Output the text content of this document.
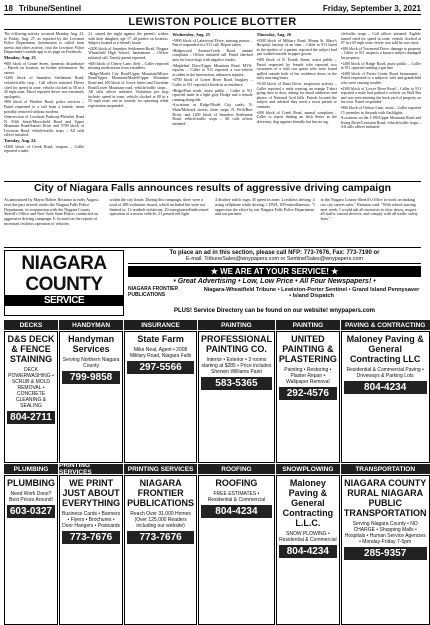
18 Tribune/Sentinel	Friday, September 3, 2021
LEWISTON POLICE BLOTTER

The following activity occurred Monday, Aug. 23, to Friday, Aug. 27, as reported by the Lewiston Police Department. Information is culled from arrests and other activity, visit the Lewiston Police Department's mobile app or its page on Facebook.

Monday, Aug. 23

•800 block of Center Street, domestic disturbance – Patrols on location, no further information. No arrests.

•2200 block of Saunders Settlement Road, vehicle/traffic stop – Call officer initiated. Driver cited for speed in zone, vehicle clocked at 58 in a 45 mph zone. Patrol reported driver was extremely apologetic.

•800 block of Pletcher Road, police services – Patrol requested to a call from a female; items possibly removed without incident.

•Intersection of Lewiston Parkway/Plettcher Road N. Fifth Street/Moorsfield Road and Upper Mountain Road/Sunset Drive and 5700 block of Lewiston Road, vehicle/traffic stops – All calls officer initiated.

Tuesday, Aug. 24

•4300 block of Creek Road, trespass – Caller reported a male,

21, stayed the night against the parent's wishes with their daughter, age 17, all parties on location. Subject located at a friend's house.

•2200 block of Saunders Settlement Road, Niagara Wheatfield High School, harassment – Officer initiated call. Unruly parent reported.

•400 block of Cherry Lane, theft – Caller reported missing medications from a mailbox.

•Ridge/Model City Road/Upper Mountain/Moyer Road/Upper Mountain/Model/Upper Mountain Road and 100 block of Grove Street and Townline Road/Lower Mountain road, vehicle/traffic stops – All calls officer initiated. Violations per stop include: speed in zone, vehicle clocked at 80 in a 55 mph zone; one in custody for operating while registration suspended.

Wednesday, Aug. 25

•5900 block of Lakewood Drive, missing person – Patrol responded to a 911 call. Report taken.

•Ridgewood Avenue/Creek Road, animal complaint – Officer initiated call. Patrol checked area for loose dogs with negative results.

•Mapleleaf Drive/Upper Mountain Road, MVA-injuries – Caller to 911 reported a two-vehicle accident in the intersection, unknown injuries.

•4700 block of Lower River Road, burglary – Caller to 911 reported a break-in at residence.

•Ridge/Butt roads, assist public – Caller to 911 reported male in a light gray Dodge and a female running alongside.

•Locations at Ridge/Model City roads; N. Main/Mohawk streets, three stops; N. Fifth/Burt Drive; and 1200 block of Saunders Settlement Road, vehicle/traffic stops – All calls officer initiated.

Thursday, Aug. 26

•3300 block of Military Road, Mount St. Mary's Hospital, larceny of an item – Caller to 911 listed as the mother of a patient reported the subject had just walked outside in paper gowns.

•300 block of N. Fourth Street, assist public – Patrol requested by female who reported two customers of a chili con queso who were found spilled outside both of her residence doors in the early morning hours.

•5100 block of Dana Drive, suspicious activity – Caller reported a male wearing an orange T-shirt going door to door, asking for email addresses and photos of National Grid bills. Patrols located the subject and advised they need a town permit to continue.

•200 block of Creek Road, animal complaint – Caller to report finding an Irish Setter in the driveway; dog appears friendly but has no tag.

cle/traffic stops – Call officer initiated. Eighth-turned cited for speed in zone; vehicle clocked at 97 in a 65 mph zone; driver was told he was cited.

•300 block of Townsend Drive, damage to property – Caller to 911 suspects a known subject damaged his property.

•1400 block of Ridge Road, assist public – Caller to 911 reported striking a gas line.

•4400 block of Porter Center Road, harassment – Patrol requested to a subject's wife and grandchild who were causing trouble.

•4300 block of Lower River Road – Caller to 911 reported a male had parked a vehicle on Wall Bar and was seen entering the back yard of property on his own. Patrol responded.

•900 block of Oxbow Lane, assist – Caller reported 15 juveniles in the park with flashlights.

•Locations on the I-190/Upper Mountain Road and Irving Drive/Lewiston Road, vehicle/traffic stops – All calls officer initiated.

City of Niagara Falls announces results of aggressive driving campaign
As announced by Mayor Robert Restaino in early August, over the past several weeks the Niagara Falls Police Department, in conjunction with the Niagara County Sheriff's Office and New York State Police, conducted an aggressive driving campaign. It focused on the reports of increased reckless operation of vehicles
within the city limits. During this campaign, there were a total of 288 violations issued, which included but were not limited to: 12 seatbelt violations; 20 unregistered/unlicensed operation of a motor vehicle; 21 passed red light
4 disobey traffic sign; 45 speed in zone; 2 reckless driving; 4 using cellphone while driving; 1 DWI; 109 miscellaneous. "I appreciate the effort by our Niagara Falls Police Department and our partners
in the Niagara County Sheriff's Office to work on making our city streets safer," Restaino said. "With school starting next week, I would ask all motorists to slow down, respect all traffic control devices, and comply with all traffic safety laws."
NIAGARA
COUNTY
SERVICE
To place an ad in this section, please call NFP: 773-7676, Fax: 773-7190 or
E-mail: TribuneSales@wnypapers.com or SentinelSales@wnypapers.com
★ WE ARE AT YOUR SERVICE! ★
• Great Advertising • Low, Low Price • All Four Newspapers! •
NIAGARA FRONTIER PUBLICATIONS
Niagara-Wheatfield Tribune • Lewiston-Porter Sentinel • Grand Island Pennysaver • Island Dispatch
PLUS! Service Directory can be found on our website! wnypapers.com
DECKS	HANDYMAN	INSURANCE	PAINTING	PAINTING	PAVING & CONTRACTING
D&S DECK & FENCE STAINING
DECK POWERWASHING • SCRUB & MOLD REMOVAL • CONCRETE CLEANING & SEALING
804-2711
Handyman Services
Serving Northern Niagara County
799-9858
State Farm
Mike Neal, Agent • 2008 Military Road, Niagara Falls
297-5566
PROFESSIONAL PAINTING CO.
Interior • Exterior • 3 rooms starting at $285 • Price includes Sherwin Williams Paint
583-5365
UNITED PAINTING & PLASTERING
Painting • Restoring • Plaster Repair • Wallpaper Removal
292-4576
Maloney Paving & General Contracting LLC
Residential & Commercial Paving • Driveways & Parking Lots
804-4234
PLUMBING	PRINTING SERVICES	PRINTING SERVICES	ROOFING	SNOWPLOWING	TRANSPORTATION
PLUMBING
Need Work Done? Best Prices Around!
603-0327
WE PRINT JUST ABOUT EVERYTHING
Business Cards • Banners • Flyers • Brochures • Door Hangers • Postcards
773-7676
NIAGARA FRONTIER PUBLICATIONS
Reach Over 31,000 Homes (Over 125,000 Readers including our website)
773-7676
ROOFING
FREE ESTIMATES • Residential & Commercial
804-4234
Maloney Paving & General Contracting L.L.C.
SNOW PLOWING • Residential & Commercial
804-4234
NIAGARA COUNTY RURAL NIAGARA PUBLIC TRANSPORTATION
Serving Niagara County • NO CHARGE • Shopping Malls • Hospitals • Human Service Agencies • Monday-Friday 7-5pm
285-9357
